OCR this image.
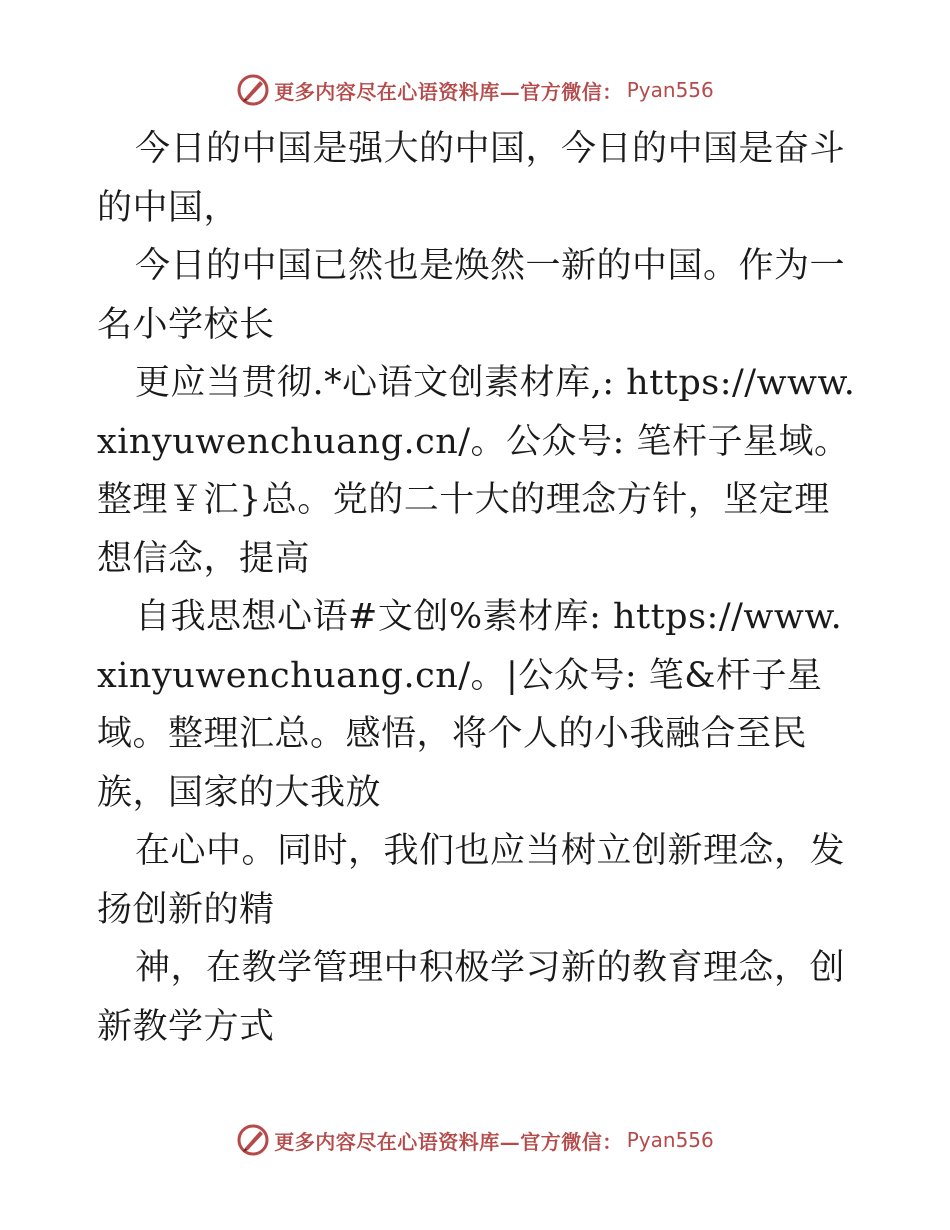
更多内容尽在心语资料库—官方微信： Pyan556

今日的中国是强大的中国，今日的中国是奋斗的中国，

今日的中国已然也是焕然一新的中国。作为一名小学校长

更应当贯彻.*心语文创素材库,: https://www.xinyuwenchuang.cn/。公众号: 笔杆子星域。整理￥汇}总。党的二十大的理念方针，坚定理想信念，提高

自我思想心语#文创%素材库: https://www.xinyuwenchuang.cn/。|公众号: 笔&杆子星域。整理汇总。感悟，将个人的小我融合至民族，国家的大我放

在心中。同时，我们也应当树立创新理念，发扬创新的精

神，在教学管理中积极学习新的教育理念，创新教学方式

更多内容尽在心语资料库—官方微信： Pyan556
